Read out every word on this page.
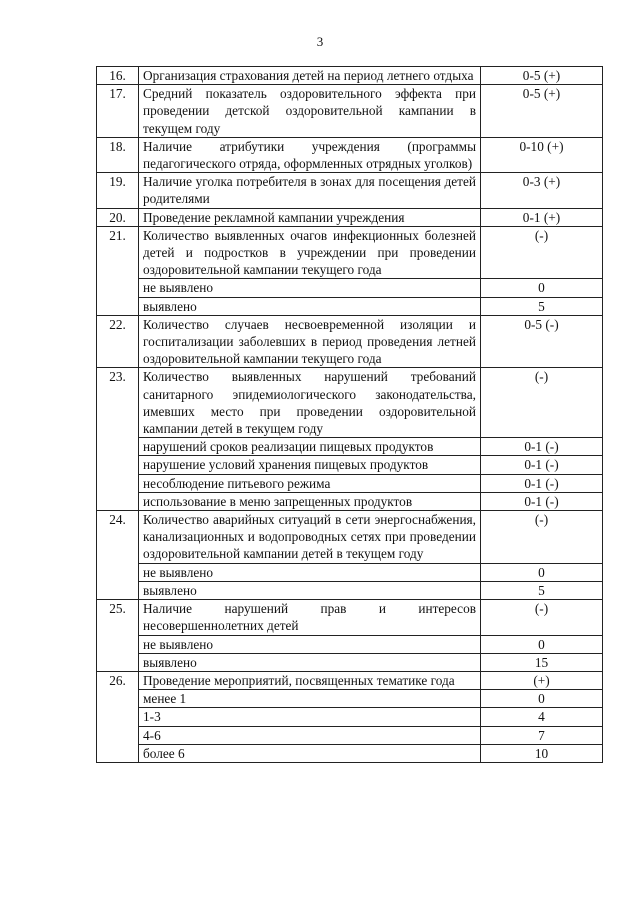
3
16.	Организация страхования детей на период летнего отдыха	0-5 (+)
17.	Средний показатель оздоровительного эффекта при проведении детской оздоровительной кампании в текущем году	0-5 (+)
18.	Наличие атрибутики учреждения (программы педагогического отряда, оформленных отрядных уголков)	0-10 (+)
19.	Наличие уголка потребителя в зонах для посещения детей родителями	0-3 (+)
20.	Проведение рекламной кампании учреждения	0-1 (+)
21.	Количество выявленных очагов инфекционных болезней детей и подростков в учреждении при проведении оздоровительной кампании текущего года	(-)
	не выявлено	0
	выявлено	5
22.	Количество случаев несвоевременной изоляции и госпитализации заболевших в период проведения летней оздоровительной кампании текущего года	0-5 (-)
23.	Количество выявленных нарушений требований санитарного эпидемиологического законодательства, имевших место при проведении оздоровительной кампании детей в текущем году	(-)
	нарушений сроков реализации пищевых продуктов	0-1 (-)
	нарушение условий хранения пищевых продуктов	0-1 (-)
	несоблюдение питьевого режима	0-1 (-)
	использование в меню запрещенных продуктов	0-1 (-)
24.	Количество аварийных ситуаций в сети энергоснабжения, канализационных и водопроводных сетях при проведении оздоровительной кампании детей в текущем году	(-)
	не выявлено	0
	выявлено	5
25.	Наличие нарушений прав и интересов несовершеннолетних детей	(-)
	не выявлено	0
	выявлено	15
26.	Проведение мероприятий, посвященных тематике года	(+)
	менее 1	0
	1-3	4
	4-6	7
	более 6	10
